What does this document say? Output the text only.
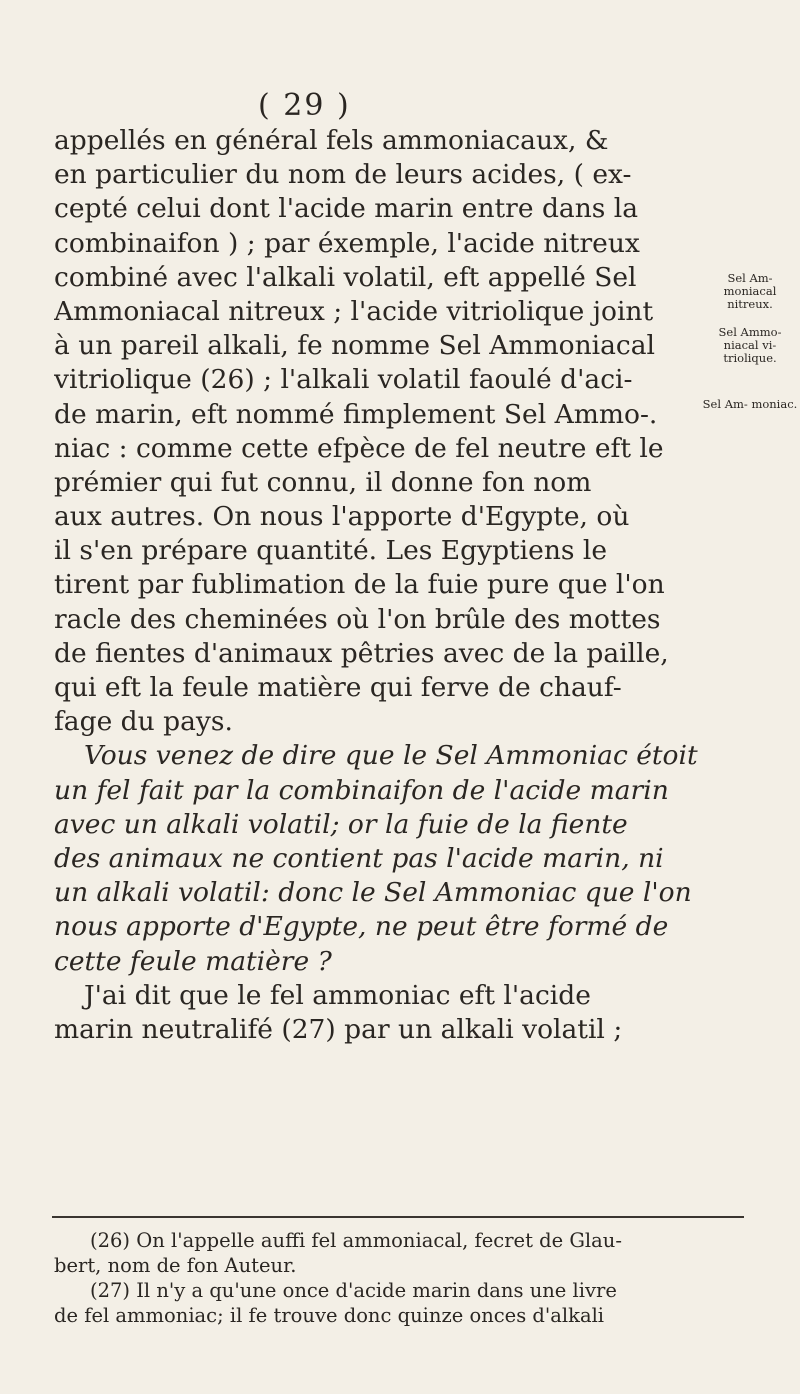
( 29 )
appellés en général fels ammoniacaux, &
en particulier du nom de leurs acides, ( ex-
cepté celui dont l'acide marin entre dans la
combinaifon ) ; par éxemple, l'acide nitreux
combiné avec l'alkali volatil, eft appellé Sel
Ammoniacal nitreux ; l'acide vitriolique joint
à un pareil alkali, fe nomme Sel Ammoniacal
vitriolique (26) ; l'alkali volatil faoulé d'aci-
de marin, eft nommé fimplement Sel Ammo-.
niac : comme cette efpèce de fel neutre eft le
prémier qui fut connu, il donne fon nom
aux autres. On nous l'apporte d'Egypte, où
il s'en prépare quantité. Les Egyptiens le
tirent par fublimation de la fuie pure que l'on
racle des cheminées où l'on brûle des mottes
de fientes d'animaux pêtries avec de la paille,
qui eft la feule matière qui ferve de chauf-
fage du pays.
Vous venez de dire que le Sel Ammoniac étoit
un fel fait par la combinaifon de l'acide marin
avec un alkali volatil; or la fuie de la fiente
des animaux ne contient pas l'acide marin, ni
un alkali volatil: donc le Sel Ammoniac que l'on
nous apporte d'Egypte, ne peut être formé de
cette feule matière ?
J'ai dit que le fel ammoniac eft l'acide
marin neutralifé (27) par un alkali volatil ;
Sel Am- moniacal nitreux.
Sel Ammo- niacal vi- triolique.
Sel Am- moniac.
(26) On l'appelle auffi fel ammoniacal, fecret de Glau-
bert, nom de fon Auteur.
(27) Il n'y a qu'une once d'acide marin dans une livre
de fel ammoniac; il fe trouve donc quinze onces d'alkali
